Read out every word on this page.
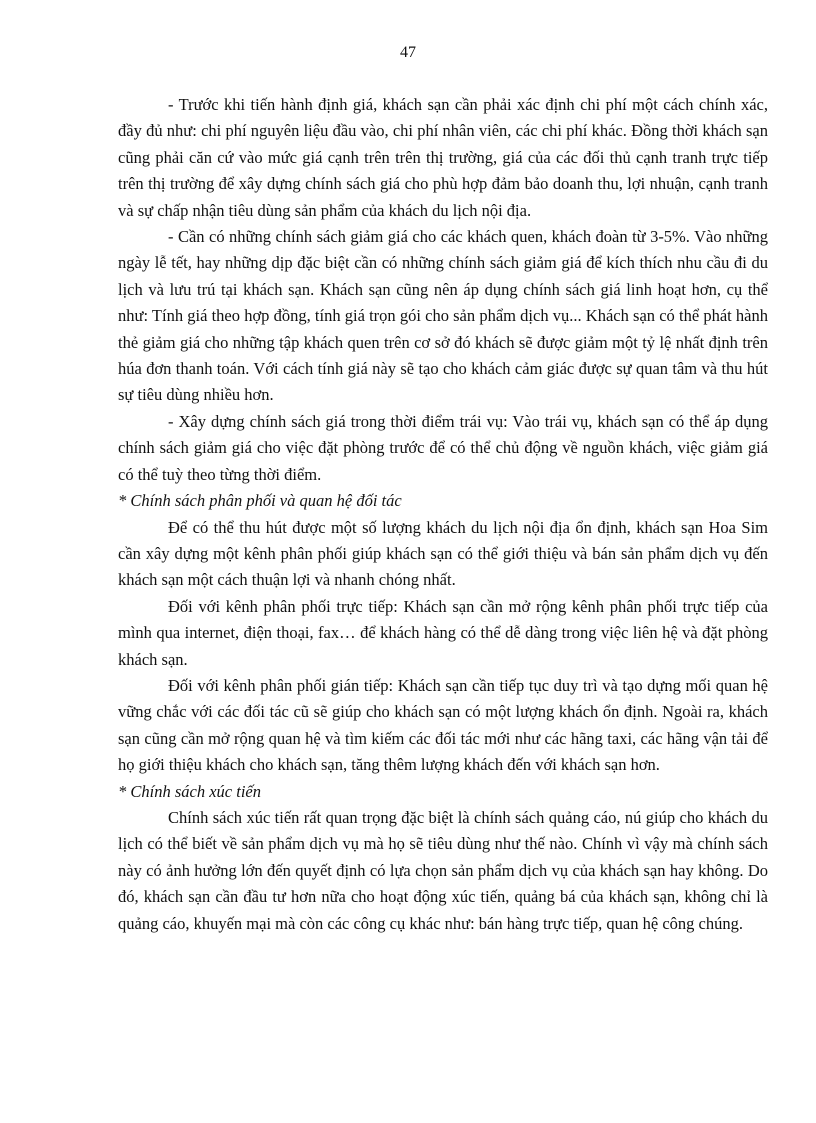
47

- Trước khi tiến hành định giá, khách sạn cần phải xác định chi phí một cách chính xác, đầy đủ như: chi phí nguyên liệu đầu vào, chi phí nhân viên, các chi phí khác. Đồng thời khách sạn cũng phải căn cứ vào mức giá cạnh trên trên thị trường, giá của các đối thủ cạnh tranh trực tiếp trên thị trường để xây dựng chính sách giá cho phù hợp đảm bảo doanh thu, lợi nhuận, cạnh tranh và sự chấp nhận tiêu dùng sản phẩm của khách du lịch nội địa.

- Cần có những chính sách giảm giá cho các khách quen, khách đoàn từ 3-5%. Vào những ngày lễ tết, hay những dịp đặc biệt cần có những chính sách giảm giá để kích thích nhu cầu đi du lịch và lưu trú tại khách sạn. Khách sạn cũng nên áp dụng chính sách giá linh hoạt hơn, cụ thể như: Tính giá theo hợp đồng, tính giá trọn gói cho sản phẩm dịch vụ... Khách sạn có thể phát hành thẻ giảm giá cho những tập khách quen trên cơ sở đó khách sẽ được giảm một tỷ lệ nhất định trên húa đơn thanh toán. Với cách tính giá này sẽ tạo cho khách cảm giác được sự quan tâm và thu hút sự tiêu dùng nhiều hơn.

- Xây dựng chính sách giá trong thời điểm trái vụ: Vào trái vụ, khách sạn có thể áp dụng chính sách giảm giá cho việc đặt phòng trước để có thể chủ động về nguồn khách, việc giảm giá có thể tuỳ theo từng thời điểm.

* Chính sách phân phối và quan hệ đối tác

Để có thể thu hút được một số lượng khách du lịch nội địa ổn định, khách sạn Hoa Sim cần xây dựng một kênh phân phối giúp khách sạn có thể giới thiệu và bán sản phẩm dịch vụ đến khách sạn một cách thuận lợi và nhanh chóng nhất.

Đối với kênh phân phối trực tiếp: Khách sạn cần mở rộng kênh phân phối trực tiếp của mình qua internet, điện thoại, fax… để khách hàng có thể dễ dàng trong việc liên hệ và đặt phòng khách sạn.

Đối với kênh phân phối gián tiếp: Khách sạn cần tiếp tục duy trì và tạo dựng mối quan hệ vững chắc với các đối tác cũ sẽ giúp cho khách sạn có một lượng khách ổn định. Ngoài ra, khách sạn cũng cần mở rộng quan hệ và tìm kiếm các đối tác mới như các hãng taxi, các hãng vận tải để họ giới thiệu khách cho khách sạn, tăng thêm lượng khách đến với khách sạn hơn.

* Chính sách xúc tiến

Chính sách xúc tiến rất quan trọng đặc biệt là chính sách quảng cáo, nú giúp cho khách du lịch có thể biết về sản phẩm dịch vụ mà họ sẽ tiêu dùng như thế nào. Chính vì vậy mà chính sách này có ảnh hưởng lớn đến quyết định có lựa chọn sản phẩm dịch vụ của khách sạn hay không. Do đó, khách sạn cần đầu tư hơn nữa cho hoạt động xúc tiến, quảng bá của khách sạn, không chỉ là quảng cáo, khuyến mại mà còn các công cụ khác như: bán hàng trực tiếp, quan hệ công chúng.
